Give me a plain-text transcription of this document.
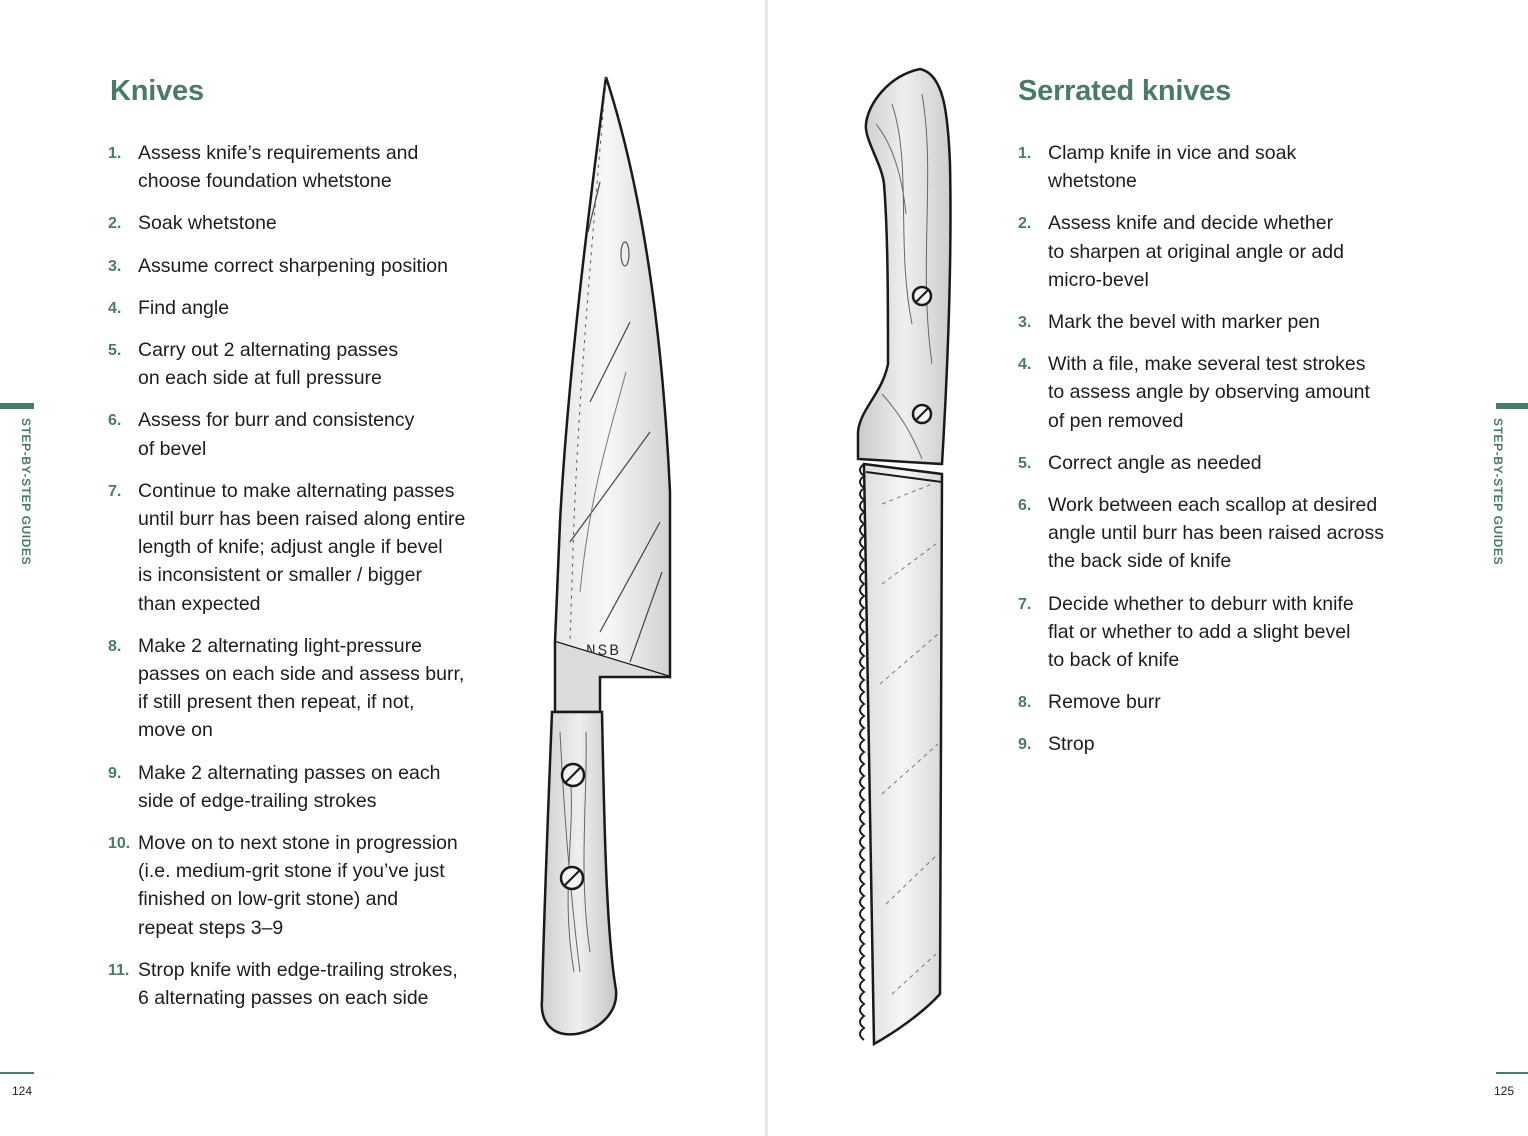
Knives
1. Assess knife’s requirements and
choose foundation whetstone
2. Soak whetstone
3. Assume correct sharpening position
4. Find angle
5. Carry out 2 alternating passes
on each side at full pressure
6. Assess for burr and consistency
of bevel
7. Continue to make alternating passes
until burr has been raised along entire
length of knife; adjust angle if bevel
is inconsistent or smaller / bigger
than expected
8. Make 2 alternating light-pressure
passes on each side and assess burr,
if still present then repeat, if not,
move on
9. Make 2 alternating passes on each
side of edge-trailing strokes
10. Move on to next stone in progression
(i.e. medium-grit stone if you’ve just
finished on low-grit stone) and
repeat steps 3–9
11. Strop knife with edge-trailing strokes,
6 alternating passes on each side
STEP-BY-STEP GUIDES
124
NSB
Serrated knives
1. Clamp knife in vice and soak
whetstone
2. Assess knife and decide whether
to sharpen at original angle or add
micro-bevel
3. Mark the bevel with marker pen
4. With a file, make several test strokes
to assess angle by observing amount
of pen removed
5. Correct angle as needed
6. Work between each scallop at desired
angle until burr has been raised across
the back side of knife
7. Decide whether to deburr with knife
flat or whether to add a slight bevel
to back of knife
8. Remove burr
9. Strop
STEP-BY-STEP GUIDES
125
